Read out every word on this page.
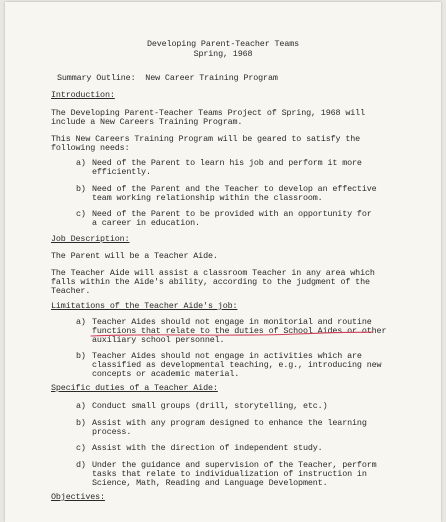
Developing Parent-Teacher Teams
Spring, 1968
Summary Outline:  New Career Training Program
Introduction:
The Developing Parent-Teacher Teams Project of Spring, 1968 will
include a New Careers Training Program.
This New Careers Training Program will be geared to satisfy the
following needs:
a) Need of the Parent to learn his job and perform it more
efficiently.
b) Need of the Parent and the Teacher to develop an effective
team working relationship within the classroom.
c) Need of the Parent to be provided with an opportunity for
a career in education.
Job Description:
The Parent will be a Teacher Aide.
The Teacher Aide will assist a classroom Teacher in any area which
falls within the Aide's ability, according to the judgment of the
Teacher.
Limitations of the Teacher Aide's job:
a) Teacher Aides should not engage in monitorial and routine
functions that relate to the duties of School Aides or other
auxiliary school personnel.
b) Teacher Aides should not engage in activities which are
classified as developmental teaching, e.g., introducing new
concepts or academic material.
Specific duties of a Teacher Aide:
a) Conduct small groups (drill, storytelling, etc.)
b) Assist with any program designed to enhance the learning
process.
c) Assist with the direction of independent study.
d) Under the guidance and supervision of the Teacher, perform
tasks that relate to individualization of instruction in
Science, Math, Reading and Language Development.
Objectives:
